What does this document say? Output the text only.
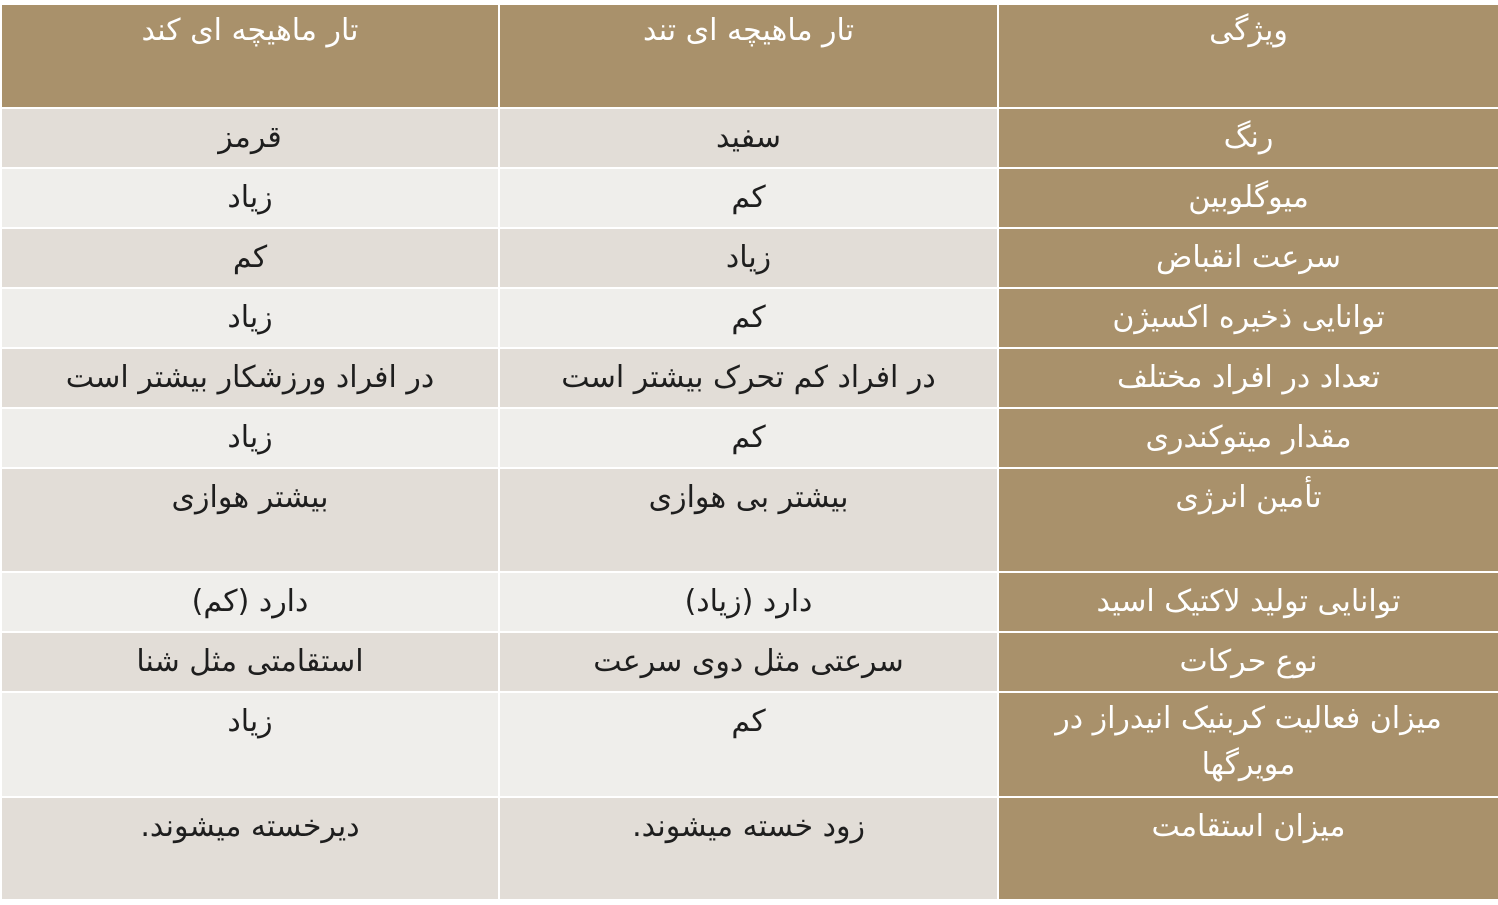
تار ماهیچه ای کند	تار ماهیچه ای تند	ویژگی
قرمز	سفید	رنگ
زیاد	کم	میوگلوبین
کم	زیاد	سرعت انقباض
زیاد	کم	توانایی ذخیره اکسیژن
در افراد ورزشکار بیشتر است	در افراد کم تحرک بیشتر است	تعداد در افراد مختلف
زیاد	کم	مقدار میتوکندری
بیشتر هوازی	بیشتر بی هوازی	تأمین انرژی
دارد (کم)	دارد (زیاد)	توانایی تولید لاکتیک اسید
استقامتی مثل شنا	سرعتی مثل دوی سرعت	نوع حرکات
زیاد	کم	میزان فعالیت کربنیک انیدراز در مویرگها
دیرخسته میشوند.	زود خسته میشوند.	میزان استقامت
